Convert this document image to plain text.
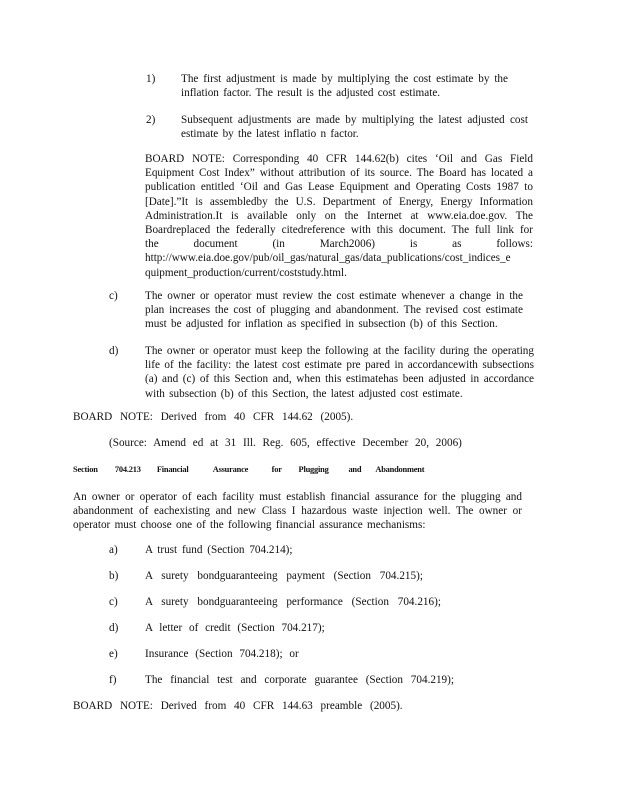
1) The first adjustment is made by multiplying the cost estimate by the inflation factor. The result is the adjusted cost estimate.

2) Subsequent adjustments are made by multiplying the latest adjusted cost estimate by the latest inflatio n factor.

BOARD NOTE: Corresponding 40 CFR 144.62(b) cites ‘Oil and Gas Field Equipment Cost Index” without attribution of its source. The Board has located a publication entitled ‘Oil and Gas Lease Equipment and Operating Costs 1987 to [Date].”It is assembledby the U.S. Department of Energy, Energy Information Administration.It is available only on the Internet at www.eia.doe.gov. The Boardreplaced the federally citedreference with this document. The full link for the document (in March2006) is as follows: http://www.eia.doe.gov/pub/oil_gas/natural_gas/data_publications/cost_indices_e quipment_production/current/coststudy.html.

c) The owner or operator must review the cost estimate whenever a change in the plan increases the cost of plugging and abandonment. The revised cost estimate must be adjusted for inflation as specified in subsection (b) of this Section.

d) The owner or operator must keep the following at the facility during the operating life of the facility: the latest cost estimate pre pared in accordancewith subsections (a) and (c) of this Section and, when this estimatehas been adjusted in accordance with subsection (b) of this Section, the latest adjusted cost estimate.

BOARD NOTE: Derived from 40 CFR 144.62 (2005).
(Source: Amend ed at 31 Ill. Reg. 605, effective December 20, 2006)
Section 704.213 Financial	Assurance	for Plugging and Abandonment

An owner or operator of each facility must establish financial assurance for the plugging and abandonment of eachexisting and new Class I hazardous waste injection well. The owner or operator must choose one of the following financial assurance mechanisms:

a) A trust fund (Section 704.214);
b) A surety bondguaranteeing payment (Section 704.215);
c) A surety bondguaranteeing performance (Section 704.216);
d) A letter of credit (Section 704.217);
e) Insurance (Section 704.218); or
f)	The financial test and corporate guarantee (Section 704.219);
BOARD NOTE: Derived from 40 CFR 144.63 preamble (2005).
